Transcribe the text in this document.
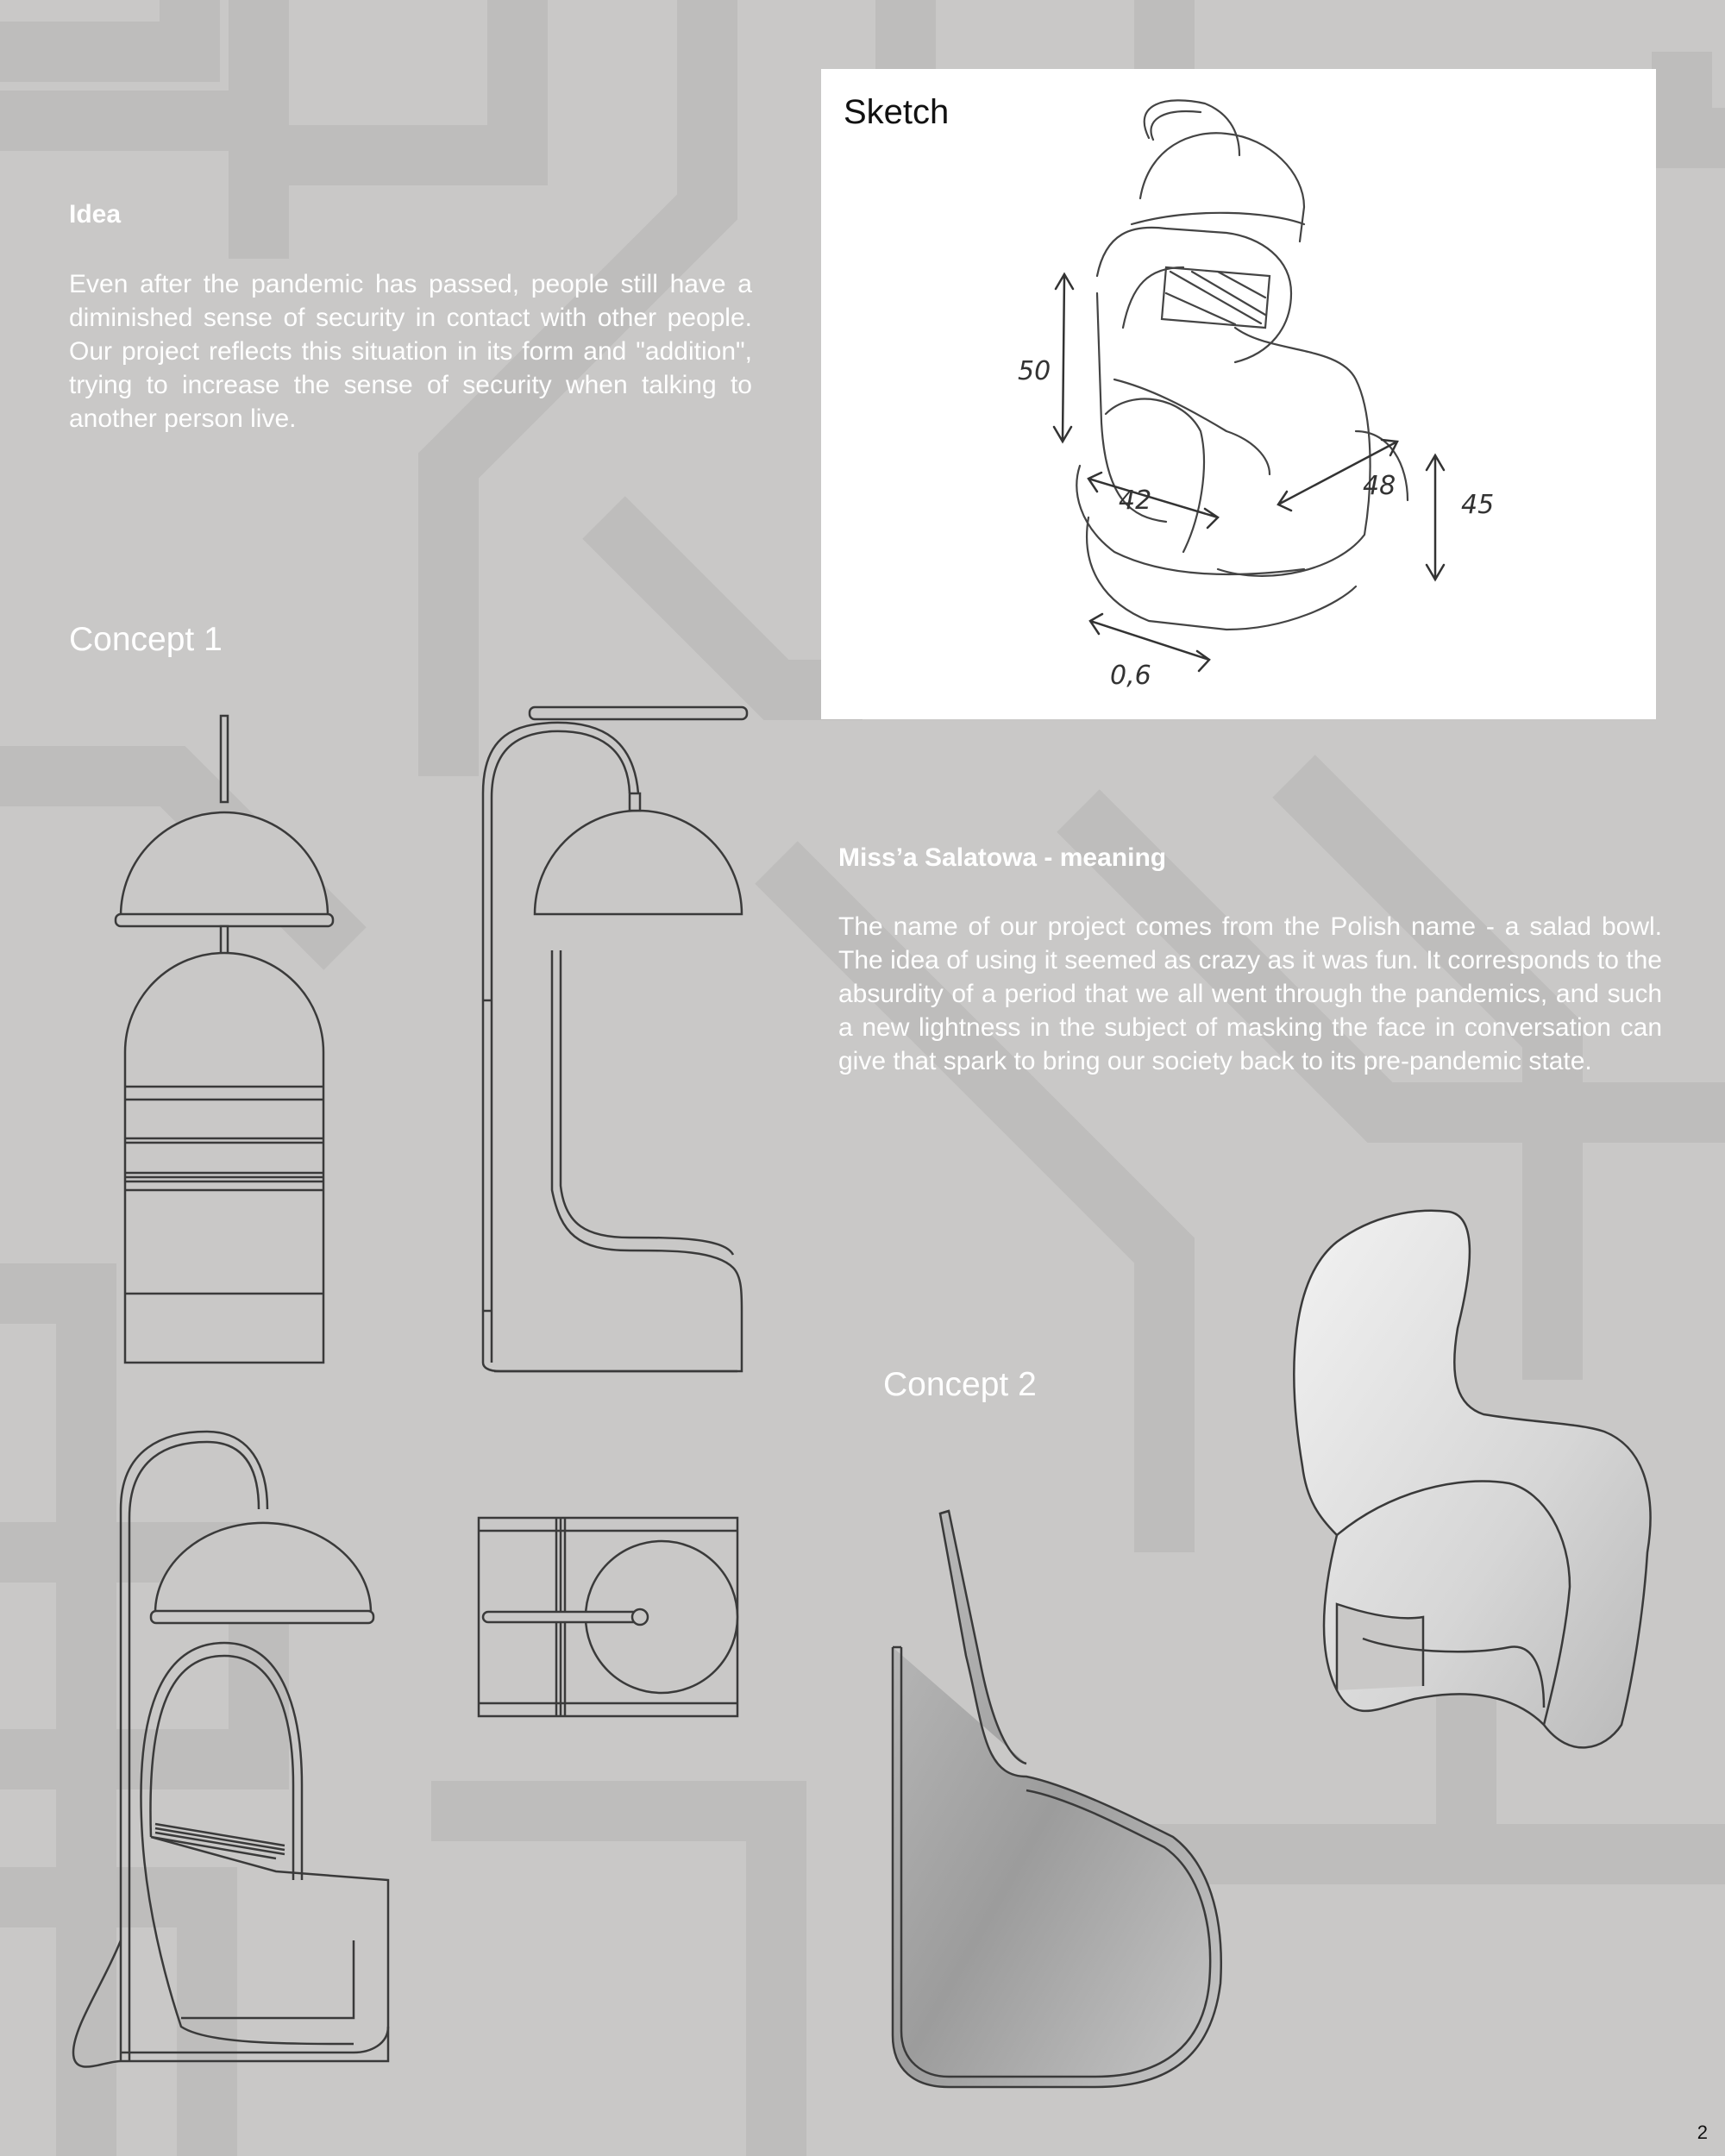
Idea
Even after the pandemic has passed, people still have a diminished sense of security in contact with other people. Our project reflects this situation in its form and "addition", trying to increase the sense of security when talking to another person live.
Sketch
50
42	48
45
0,6
Miss’a Salatowa - meaning
The name of our project comes from the Polish name - a salad bowl. The idea of using it seemed as crazy as it was fun. It corresponds to the absurdity of a period that we all went through the pandemics, and such a new lightness in the subject of masking the face in conversation can give that spark to bring our society back to its pre-pandemic state.
Concept 1
Concept 2
2
